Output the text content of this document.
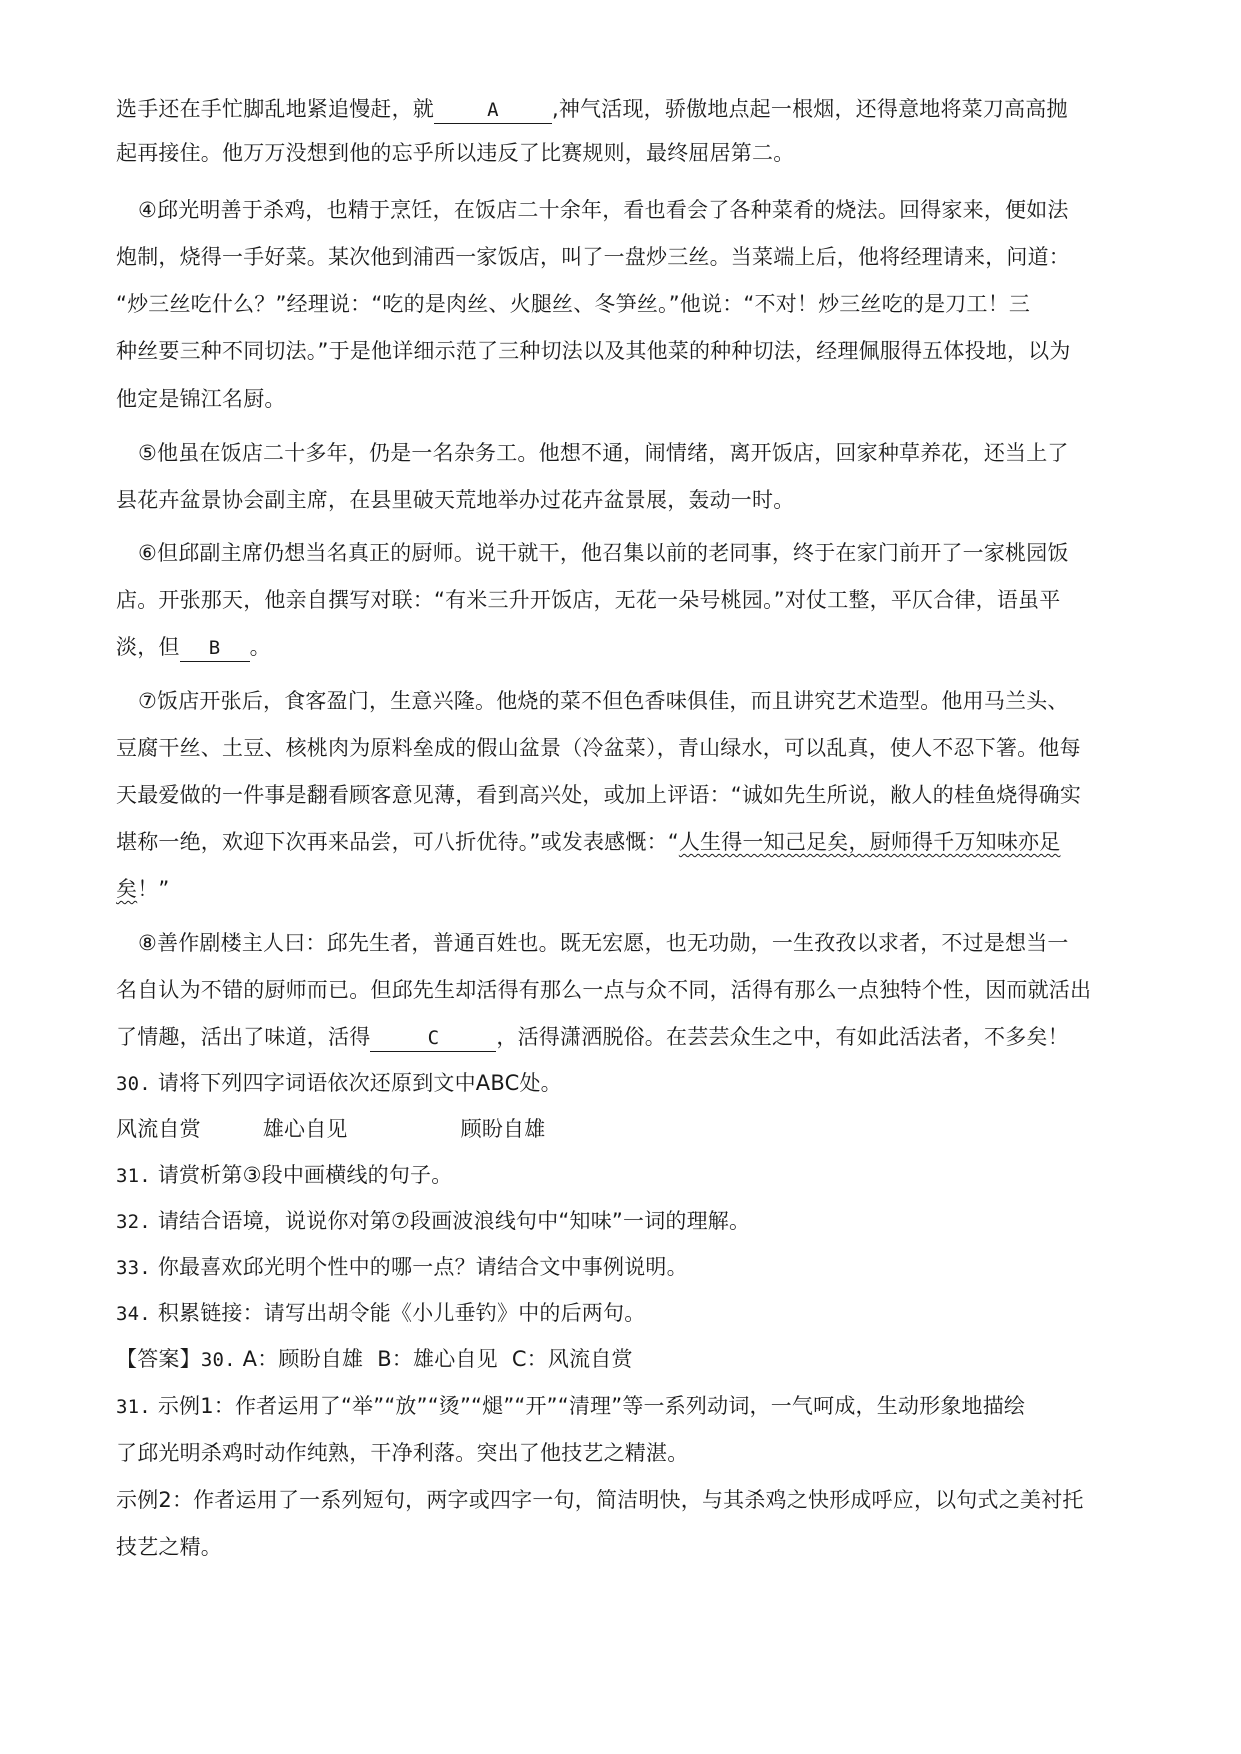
选手还在手忙脚乱地紧追慢赶，就	A	,神气活现，骄傲地点起一根烟，还得意地将菜刀高高抛
起再接住。他万万没想到他的忘乎所以违反了比赛规则，最终屈居第二。
④邱光明善于杀鸡，也精于烹饪，在饭店二十余年，看也看会了各种菜肴的烧法。回得家来，便如法
炮制，烧得一手好菜。某次他到浦西一家饭店，叫了一盘炒三丝。当菜端上后，他将经理请来，问道：
“炒三丝吃什么？”经理说：“吃的是肉丝、火腿丝、冬笋丝。”他说：“不对！炒三丝吃的是刀工！三
种丝要三种不同切法。”于是他详细示范了三种切法以及其他菜的种种切法，经理佩服得五体投地，以为
他定是锦江名厨。
⑤他虽在饭店二十多年，仍是一名杂务工。他想不通，闹情绪，离开饭店，回家种草养花，还当上了
县花卉盆景协会副主席，在县里破天荒地举办过花卉盆景展，轰动一时。
⑥但邱副主席仍想当名真正的厨师。说干就干，他召集以前的老同事，终于在家门前开了一家桃园饭
店。开张那天，他亲自撰写对联：“有米三升开饭店，无花一朵号桃园。”对仗工整，平仄合律，语虽平
淡，但 B 。
⑦饭店开张后，食客盈门，生意兴隆。他烧的菜不但色香味俱佳，而且讲究艺术造型。他用马兰头、
豆腐干丝、土豆、核桃肉为原料垒成的假山盆景（冷盆菜），青山绿水，可以乱真，使人不忍下箸。他每
天最爱做的一件事是翻看顾客意见薄，看到高兴处，或加上评语：“诚如先生所说，敝人的桂鱼烧得确实
堪称一绝，欢迎下次再来品尝，可八折优待。”或发表感慨：“人生得一知己足矣，厨师得千万知味亦足
矣！”
⑧善作剧楼主人曰：邱先生者，普通百姓也。既无宏愿，也无功勋，一生孜孜以求者，不过是想当一
名自认为不错的厨师而已。但邱先生却活得有那么一点与众不同，活得有那么一点独特个性，因而就活出
了情趣，活出了味道，活得	C	，活得潇洒脱俗。在芸芸众生之中，有如此活法者，不多矣！
30. 请将下列四字词语依次还原到文中ABC处。
风流自赏	雄心自见	顾盼自雄
31. 请赏析第③段中画横线的句子。
32. 请结合语境，说说你对第⑦段画波浪线句中“知味”一词的理解。
33. 你最喜欢邱光明个性中的哪一点？请结合文中事例说明。
34. 积累链接：请写出胡令能《小儿垂钓》中的后两句。
【答案】30. A：顾盼自雄 B：雄心自见 C：风流自赏
31. 示例1：作者运用了“举”“放”“烫”“煺”“开”“清理”等一系列动词，一气呵成，生动形象地描绘
了邱光明杀鸡时动作纯熟，干净利落。突出了他技艺之精湛。
示例2：作者运用了一系列短句，两字或四字一句，简洁明快，与其杀鸡之快形成呼应，以句式之美衬托
技艺之精。
